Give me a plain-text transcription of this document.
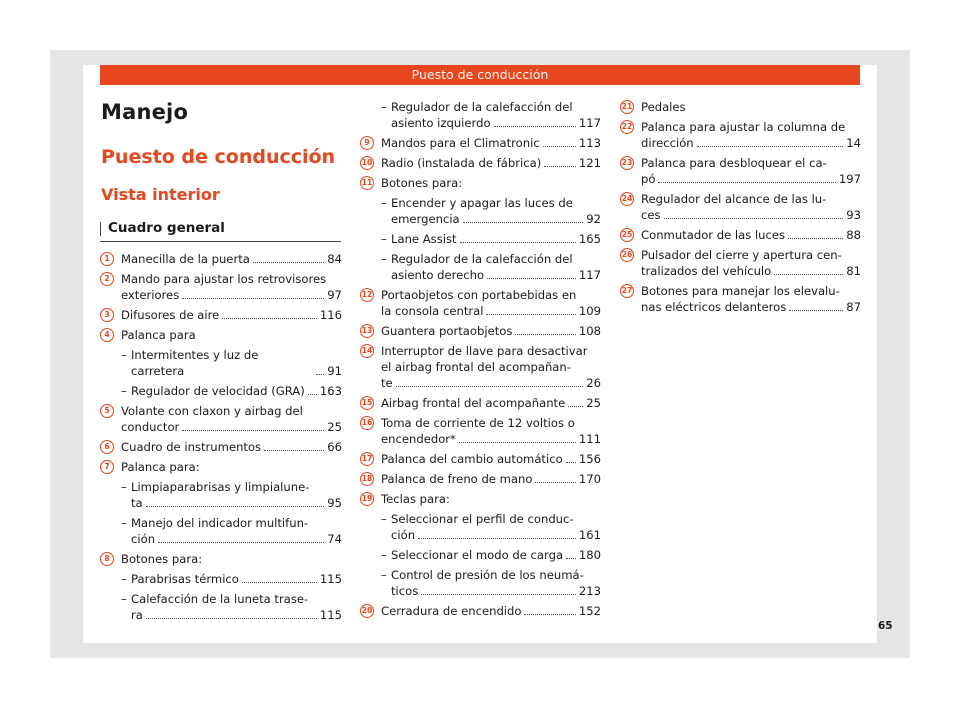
Puesto de conducción
Manejo
Puesto de conducción
Vista interior
Cuadro general
1 Manecilla de la puerta	84
2 Mando para ajustar los retrovisores
exteriores	97
3 Difusores de aire	116
4 Palanca para
– Intermitentes y luz de carretera	91
– Regulador de velocidad (GRA) 163
5 Volante con claxon y airbag del
conductor	25
6 Cuadro de instrumentos	66
7 Palanca para:
– Limpiaparabrisas y limpialune-
ta	95
– Manejo del indicador multifun-
ción	74
8 Botones para:
– Parabrisas térmico	115
– Calefacción de la luneta trase-
ra	115
– Regulador de la calefacción del
asiento izquierdo	117
9 Mandos para el Climatronic	113
10 Radio (instalada de fábrica)	121
11 Botones para:
– Encender y apagar las luces de
emergencia	92
– Lane Assist	165
– Regulador de la calefacción del
asiento derecho	117
12 Portaobjetos con portabebidas en
la consola central	109
13 Guantera portaobjetos	108
14 Interruptor de llave para desactivar
el airbag frontal del acompañan-
te	26
15 Airbag frontal del acompañante 25
16 Toma de corriente de 12 voltios o
encendedor*	111
17 Palanca del cambio automático 156
18 Palanca de freno de mano	170
19 Teclas para:
– Seleccionar el perfil de conduc-
ción	161
– Seleccionar el modo de carga 180
– Control de presión de los neumá-
ticos	213
20 Cerradura de encendido	152
21 Pedales
22 Palanca para ajustar la columna de
dirección	14
23 Palanca para desbloquear el ca-
pó	197
24 Regulador del alcance de las lu-
ces	93
25 Conmutador de las luces	88
26 Pulsador del cierre y apertura cen-
tralizados del vehículo	81
27 Botones para manejar los elevalu-
nas eléctricos delanteros	87
65
